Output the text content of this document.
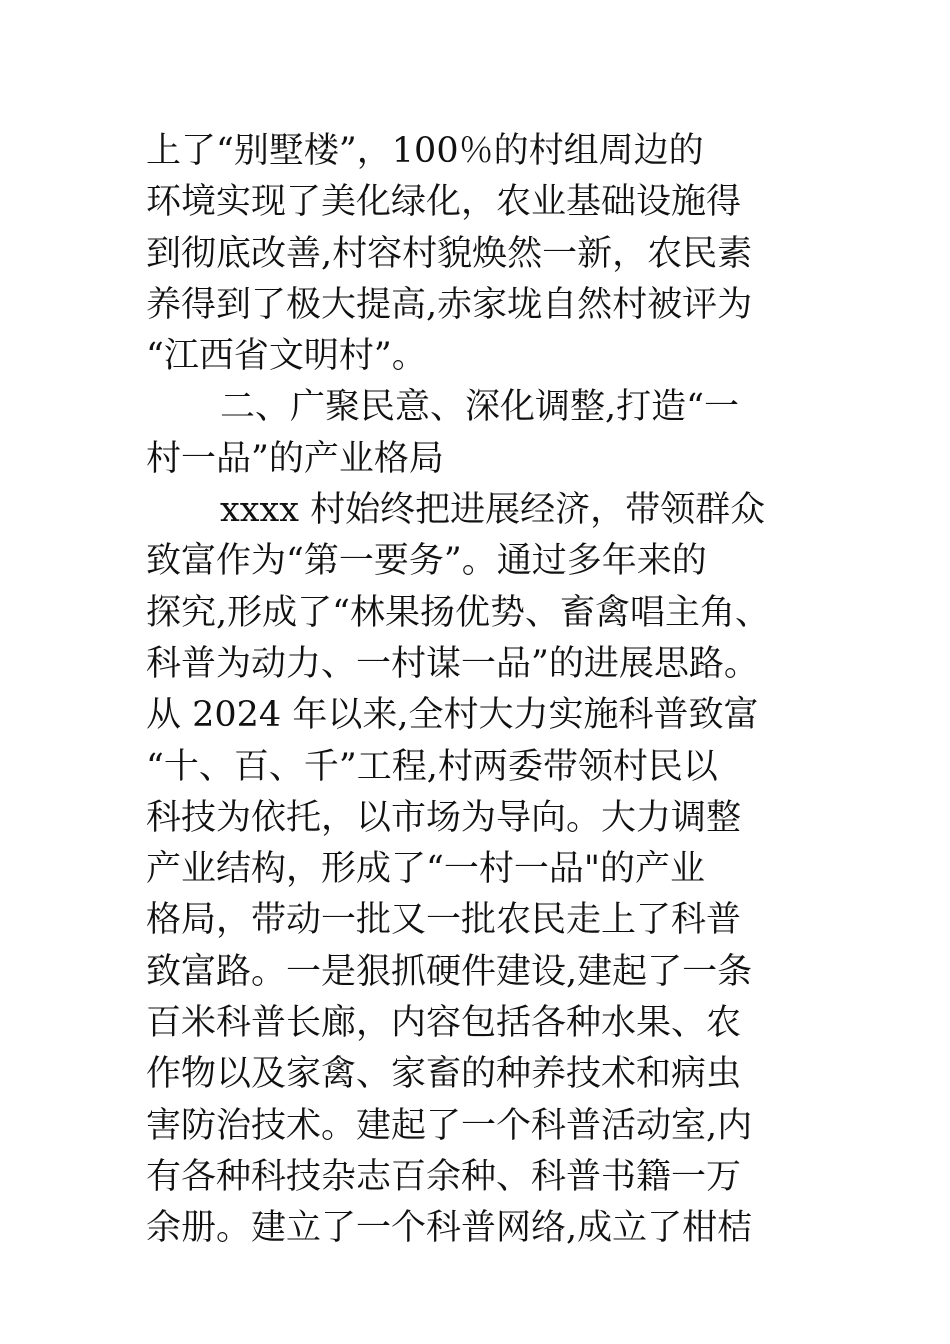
上了“别墅楼”，100％的村组周边的
环境实现了美化绿化，农业基础设施得
到彻底改善,村容村貌焕然一新，农民素
养得到了极大提高,赤家垅自然村被评为
“江西省文明村”。
二、广聚民意、深化调整,打造“一
村一品”的产业格局
xxxx 村始终把进展经济，带领群众
致富作为“第一要务”。通过多年来的
探究,形成了“林果扬优势、畜禽唱主角、
科普为动力、一村谋一品”的进展思路。
从 2024 年以来,全村大力实施科普致富
“十、百、千”工程,村两委带领村民以
科技为依托，以市场为导向。大力调整
产业结构，形成了“一村一品"的产业
格局，带动一批又一批农民走上了科普
致富路。一是狠抓硬件建设,建起了一条
百米科普长廊，内容包括各种水果、农
作物以及家禽、家畜的种养技术和病虫
害防治技术。建起了一个科普活动室,内
有各种科技杂志百余种、科普书籍一万
余册。建立了一个科普网络,成立了柑桔
